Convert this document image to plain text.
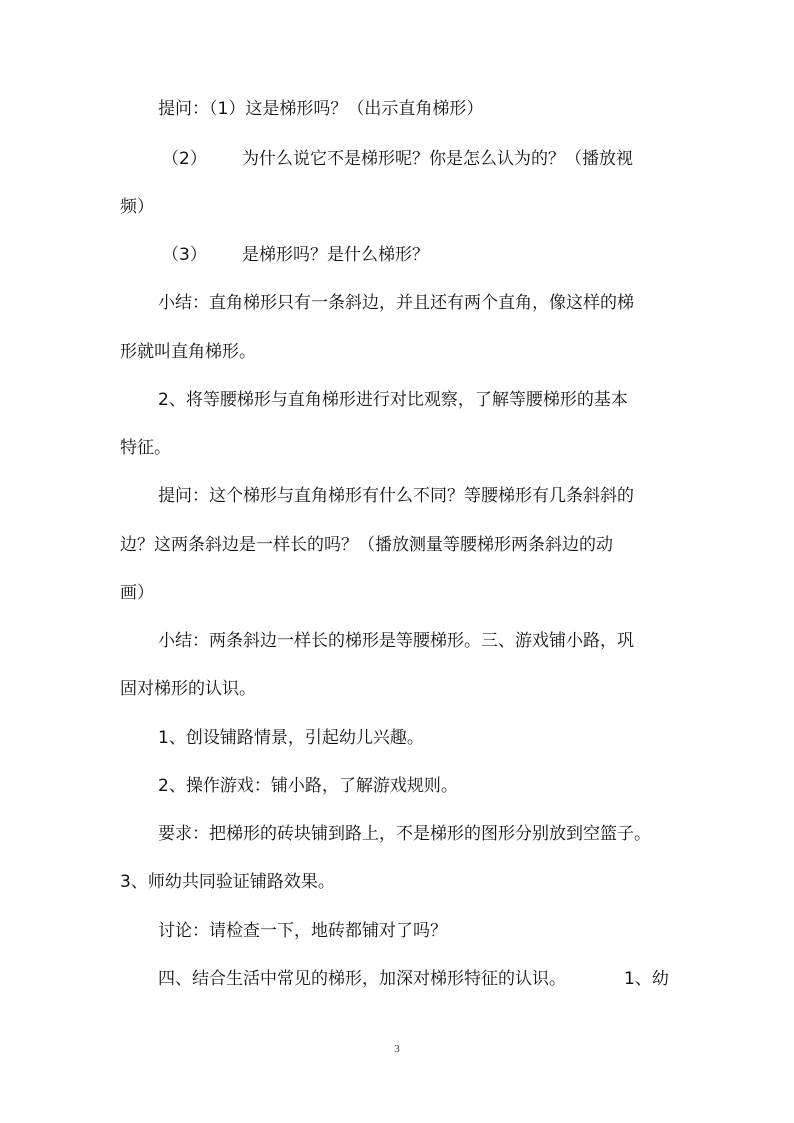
提问：（1）这是梯形吗？（出示直角梯形）
（2） 为什么说它不是梯形呢？你是怎么认为的？（播放视
频）
（3） 是梯形吗？是什么梯形？
小结：直角梯形只有一条斜边，并且还有两个直角，像这样的梯
形就叫直角梯形。
2、将等腰梯形与直角梯形进行对比观察，了解等腰梯形的基本
特征。
提问：这个梯形与直角梯形有什么不同？等腰梯形有几条斜斜的
边？这两条斜边是一样长的吗？（播放测量等腰梯形两条斜边的动
画）
小结：两条斜边一样长的梯形是等腰梯形。三、游戏铺小路，巩
固对梯形的认识。
1、创设铺路情景，引起幼儿兴趣。
2、操作游戏：铺小路，了解游戏规则。
要求：把梯形的砖块铺到路上，不是梯形的图形分别放到空篮子。
3、师幼共同验证铺路效果。
讨论：请检查一下，地砖都铺对了吗？
四、结合生活中常见的梯形，加深对梯形特征的认识。	1、幼
3
